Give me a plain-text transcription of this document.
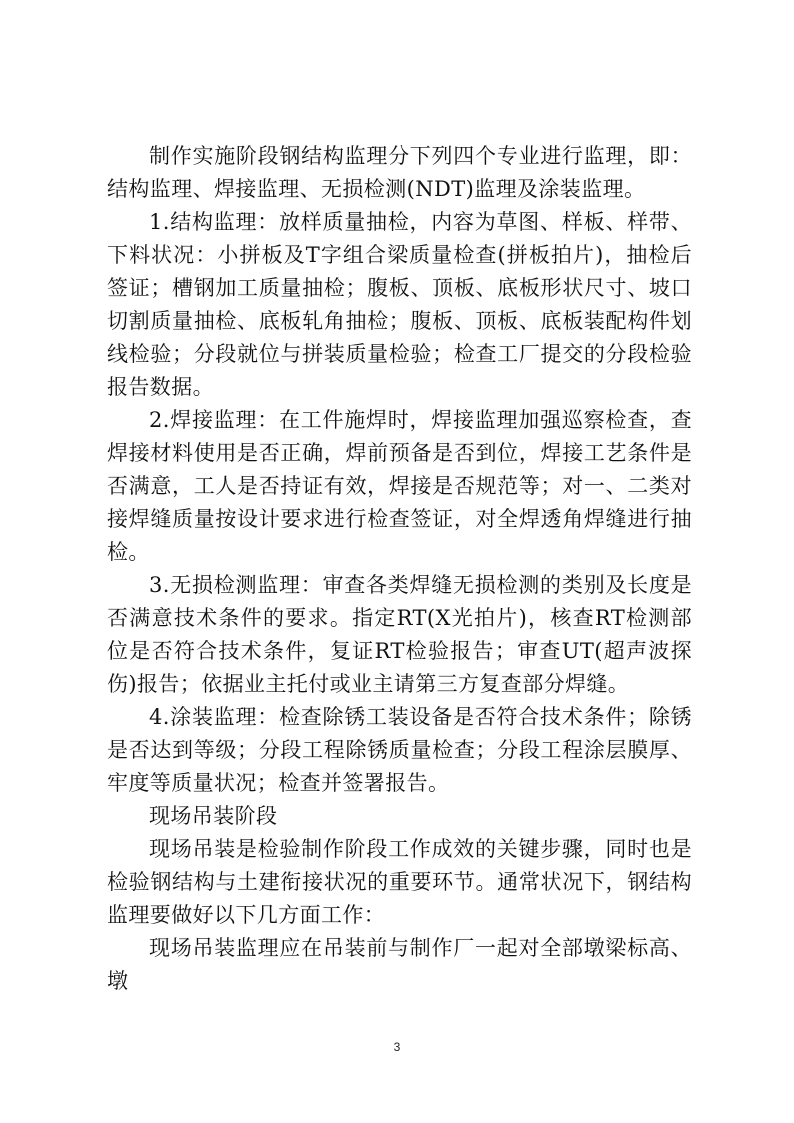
制作实施阶段钢结构监理分下列四个专业进行监理，即：结构监理、焊接监理、无损检测(NDT)监理及涂装监理。

1.结构监理：放样质量抽检，内容为草图、样板、样带、下料状况：小拼板及T字组合梁质量检查(拼板拍片)，抽检后签证；槽钢加工质量抽检；腹板、顶板、底板形状尺寸、坡口切割质量抽检、底板轧角抽检；腹板、顶板、底板装配构件划线检验；分段就位与拼装质量检验；检查工厂提交的分段检验报告数据。

2.焊接监理：在工件施焊时，焊接监理加强巡察检查，查焊接材料使用是否正确，焊前预备是否到位，焊接工艺条件是否满意，工人是否持证有效，焊接是否规范等；对一、二类对接焊缝质量按设计要求进行检查签证，对全焊透角焊缝进行抽检。

3.无损检测监理：审查各类焊缝无损检测的类别及长度是否满意技术条件的要求。指定RT(X光拍片)，核查RT检测部位是否符合技术条件，复证RT检验报告；审查UT(超声波探伤)报告；依据业主托付或业主请第三方复查部分焊缝。

4.涂装监理：检查除锈工装设备是否符合技术条件；除锈是否达到等级；分段工程除锈质量检查；分段工程涂层膜厚、牢度等质量状况；检查并签署报告。

现场吊装阶段

现场吊装是检验制作阶段工作成效的关键步骤，同时也是检验钢结构与土建衔接状况的重要环节。通常状况下，钢结构监理要做好以下几方面工作：

现场吊装监理应在吊装前与制作厂一起对全部墩梁标高、墩

3
